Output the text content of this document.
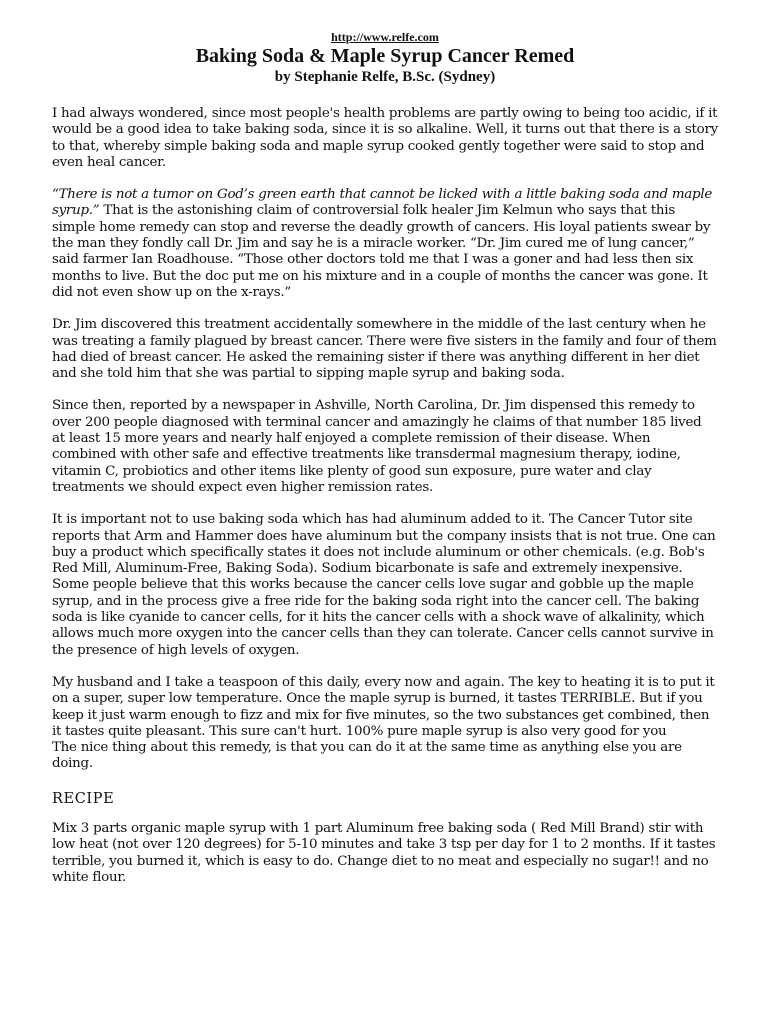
http://www.relfe.com
Baking Soda & Maple Syrup Cancer Remed
by Stephanie Relfe, B.Sc. (Sydney)

I had always wondered, since most people's health problems are partly owing to being too acidic, if it would be a good idea to take baking soda, since it is so alkaline. Well, it turns out that there is a story to that, whereby simple baking soda and maple syrup cooked gently together were said to stop and even heal cancer.

“There is not a tumor on God’s green earth that cannot be licked with a little baking soda and maple syrup.” That is the astonishing claim of controversial folk healer Jim Kelmun who says that this simple home remedy can stop and reverse the deadly growth of cancers. His loyal patients swear by the man they fondly call Dr. Jim and say he is a miracle worker. “Dr. Jim cured me of lung cancer,” said farmer Ian Roadhouse. “Those other doctors told me that I was a goner and had less then six months to live. But the doc put me on his mixture and in a couple of months the cancer was gone. It did not even show up on the x-rays.”

Dr. Jim discovered this treatment accidentally somewhere in the middle of the last century when he was treating a family plagued by breast cancer. There were five sisters in the family and four of them had died of breast cancer. He asked the remaining sister if there was anything different in her diet and she told him that she was partial to sipping maple syrup and baking soda.

Since then, reported by a newspaper in Ashville, North Carolina, Dr. Jim dispensed this remedy to over 200 people diagnosed with terminal cancer and amazingly he claims of that number 185 lived at least 15 more years and nearly half enjoyed a complete remission of their disease. When combined with other safe and effective treatments like transdermal magnesium therapy, iodine, vitamin C, probiotics and other items like plenty of good sun exposure, pure water and clay treatments we should expect even higher remission rates.

It is important not to use baking soda which has had aluminum added to it. The Cancer Tutor site reports that Arm and Hammer does have aluminum but the company insists that is not true. One can buy a product which specifically states it does not include aluminum or other chemicals. (e.g. Bob's Red Mill, Aluminum-Free, Baking Soda). Sodium bicarbonate is safe and extremely inexpensive.

Some people believe that this works because the cancer cells love sugar and gobble up the maple syrup, and in the process give a free ride for the baking soda right into the cancer cell. The baking soda is like cyanide to cancer cells, for it hits the cancer cells with a shock wave of alkalinity, which allows much more oxygen into the cancer cells than they can tolerate. Cancer cells cannot survive in the presence of high levels of oxygen.

My husband and I take a teaspoon of this daily, every now and again. The key to heating it is to put it on a super, super low temperature. Once the maple syrup is burned, it tastes TERRIBLE. But if you keep it just warm enough to fizz and mix for five minutes, so the two substances get combined, then it tastes quite pleasant. This sure can't hurt. 100% pure maple syrup is also very good for you

The nice thing about this remedy, is that you can do it at the same time as anything else you are doing.

RECIPE

Mix 3 parts organic maple syrup with 1 part Aluminum free baking soda ( Red Mill Brand) stir with low heat (not over 120 degrees) for 5-10 minutes and take 3 tsp per day for 1 to 2 months. If it tastes terrible, you burned it, which is easy to do. Change diet to no meat and especially no sugar!! and no white flour.
